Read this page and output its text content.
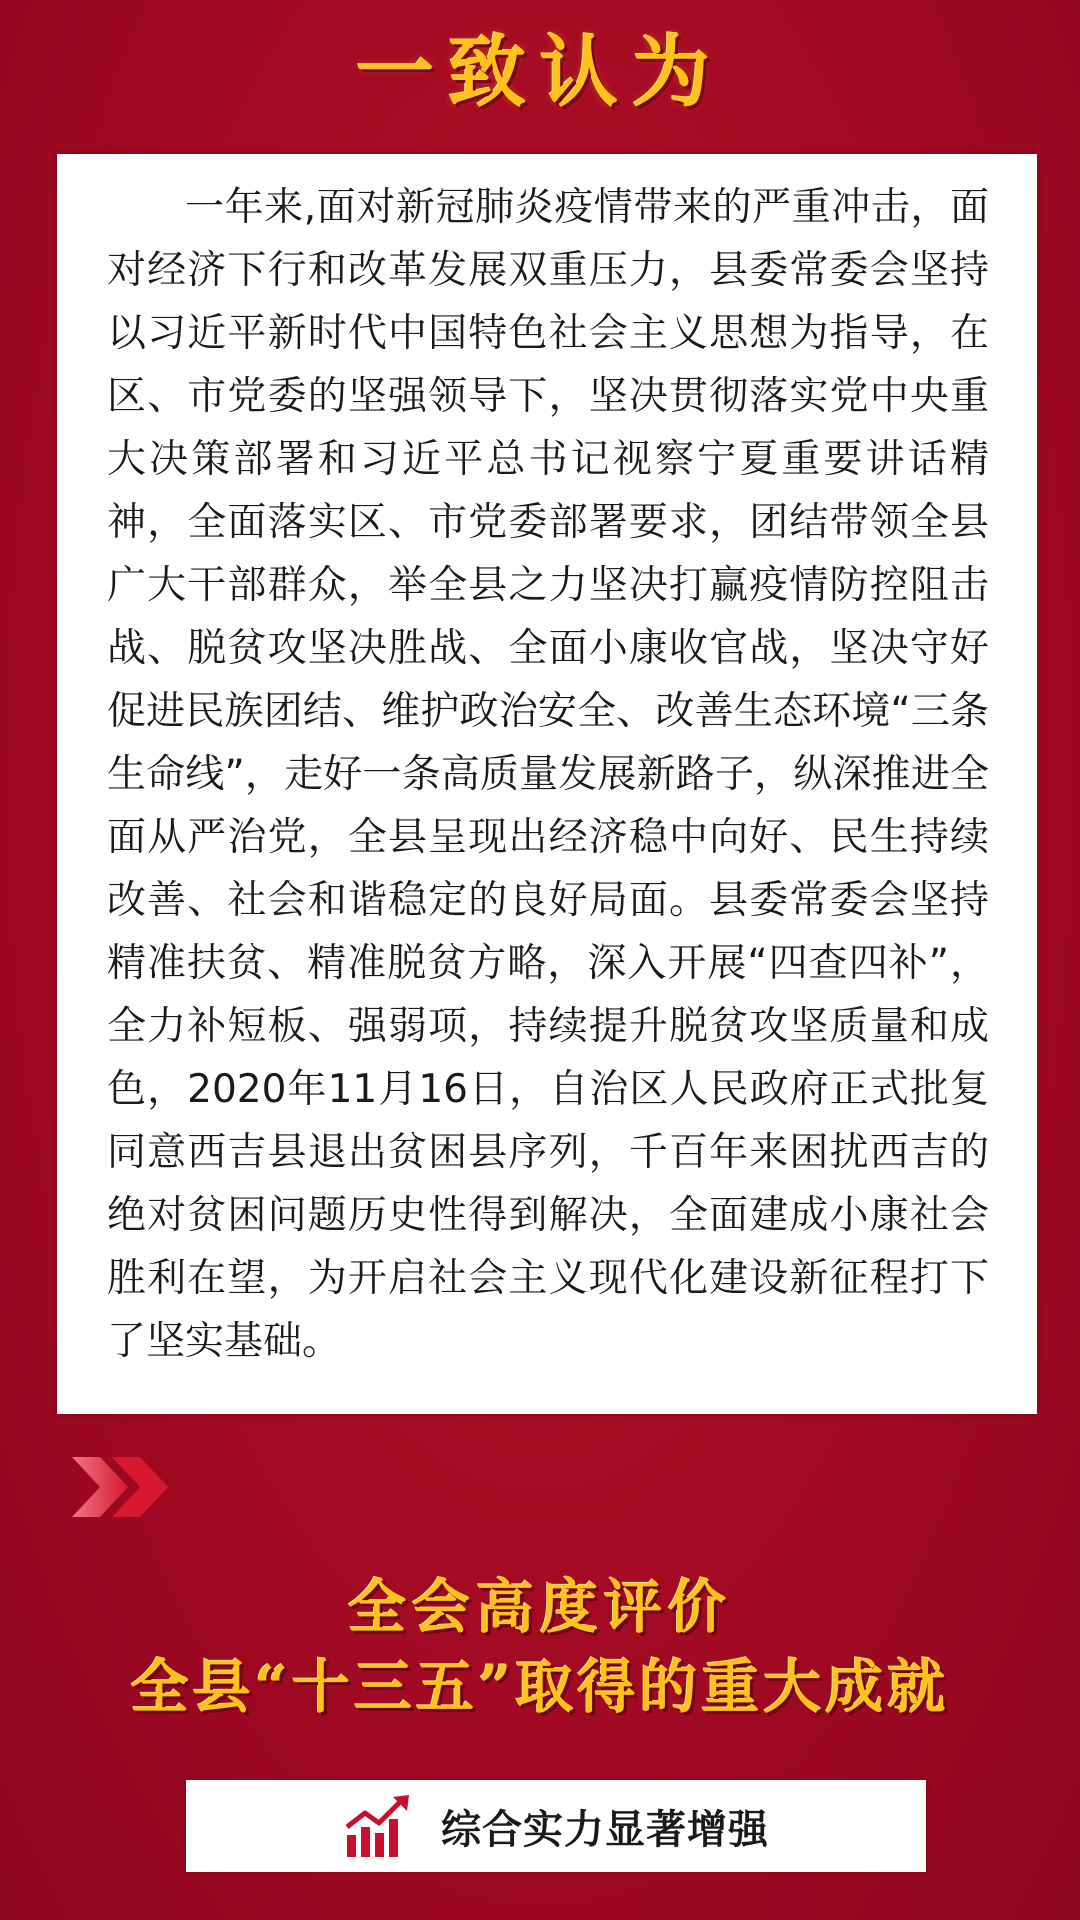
一致认为

一年来,面对新冠肺炎疫情带来的严重冲击，面对经济下行和改革发展双重压力，县委常委会坚持以习近平新时代中国特色社会主义思想为指导，在区、市党委的坚强领导下，坚决贯彻落实党中央重大决策部署和习近平总书记视察宁夏重要讲话精神，全面落实区、市党委部署要求，团结带领全县广大干部群众，举全县之力坚决打赢疫情防控阻击战、脱贫攻坚决胜战、全面小康收官战，坚决守好促进民族团结、维护政治安全、改善生态环境“三条生命线”，走好一条高质量发展新路子，纵深推进全面从严治党，全县呈现出经济稳中向好、民生持续改善、社会和谐稳定的良好局面。县委常委会坚持精准扶贫、精准脱贫方略，深入开展“四查四补”，全力补短板、强弱项，持续提升脱贫攻坚质量和成色，2020年11月16日，自治区人民政府正式批复同意西吉县退出贫困县序列，千百年来困扰西吉的绝对贫困问题历史性得到解决，全面建成小康社会胜利在望，为开启社会主义现代化建设新征程打下了坚实基础。

全会高度评价
全县“十三五”取得的重大成就
综合实力显著增强
